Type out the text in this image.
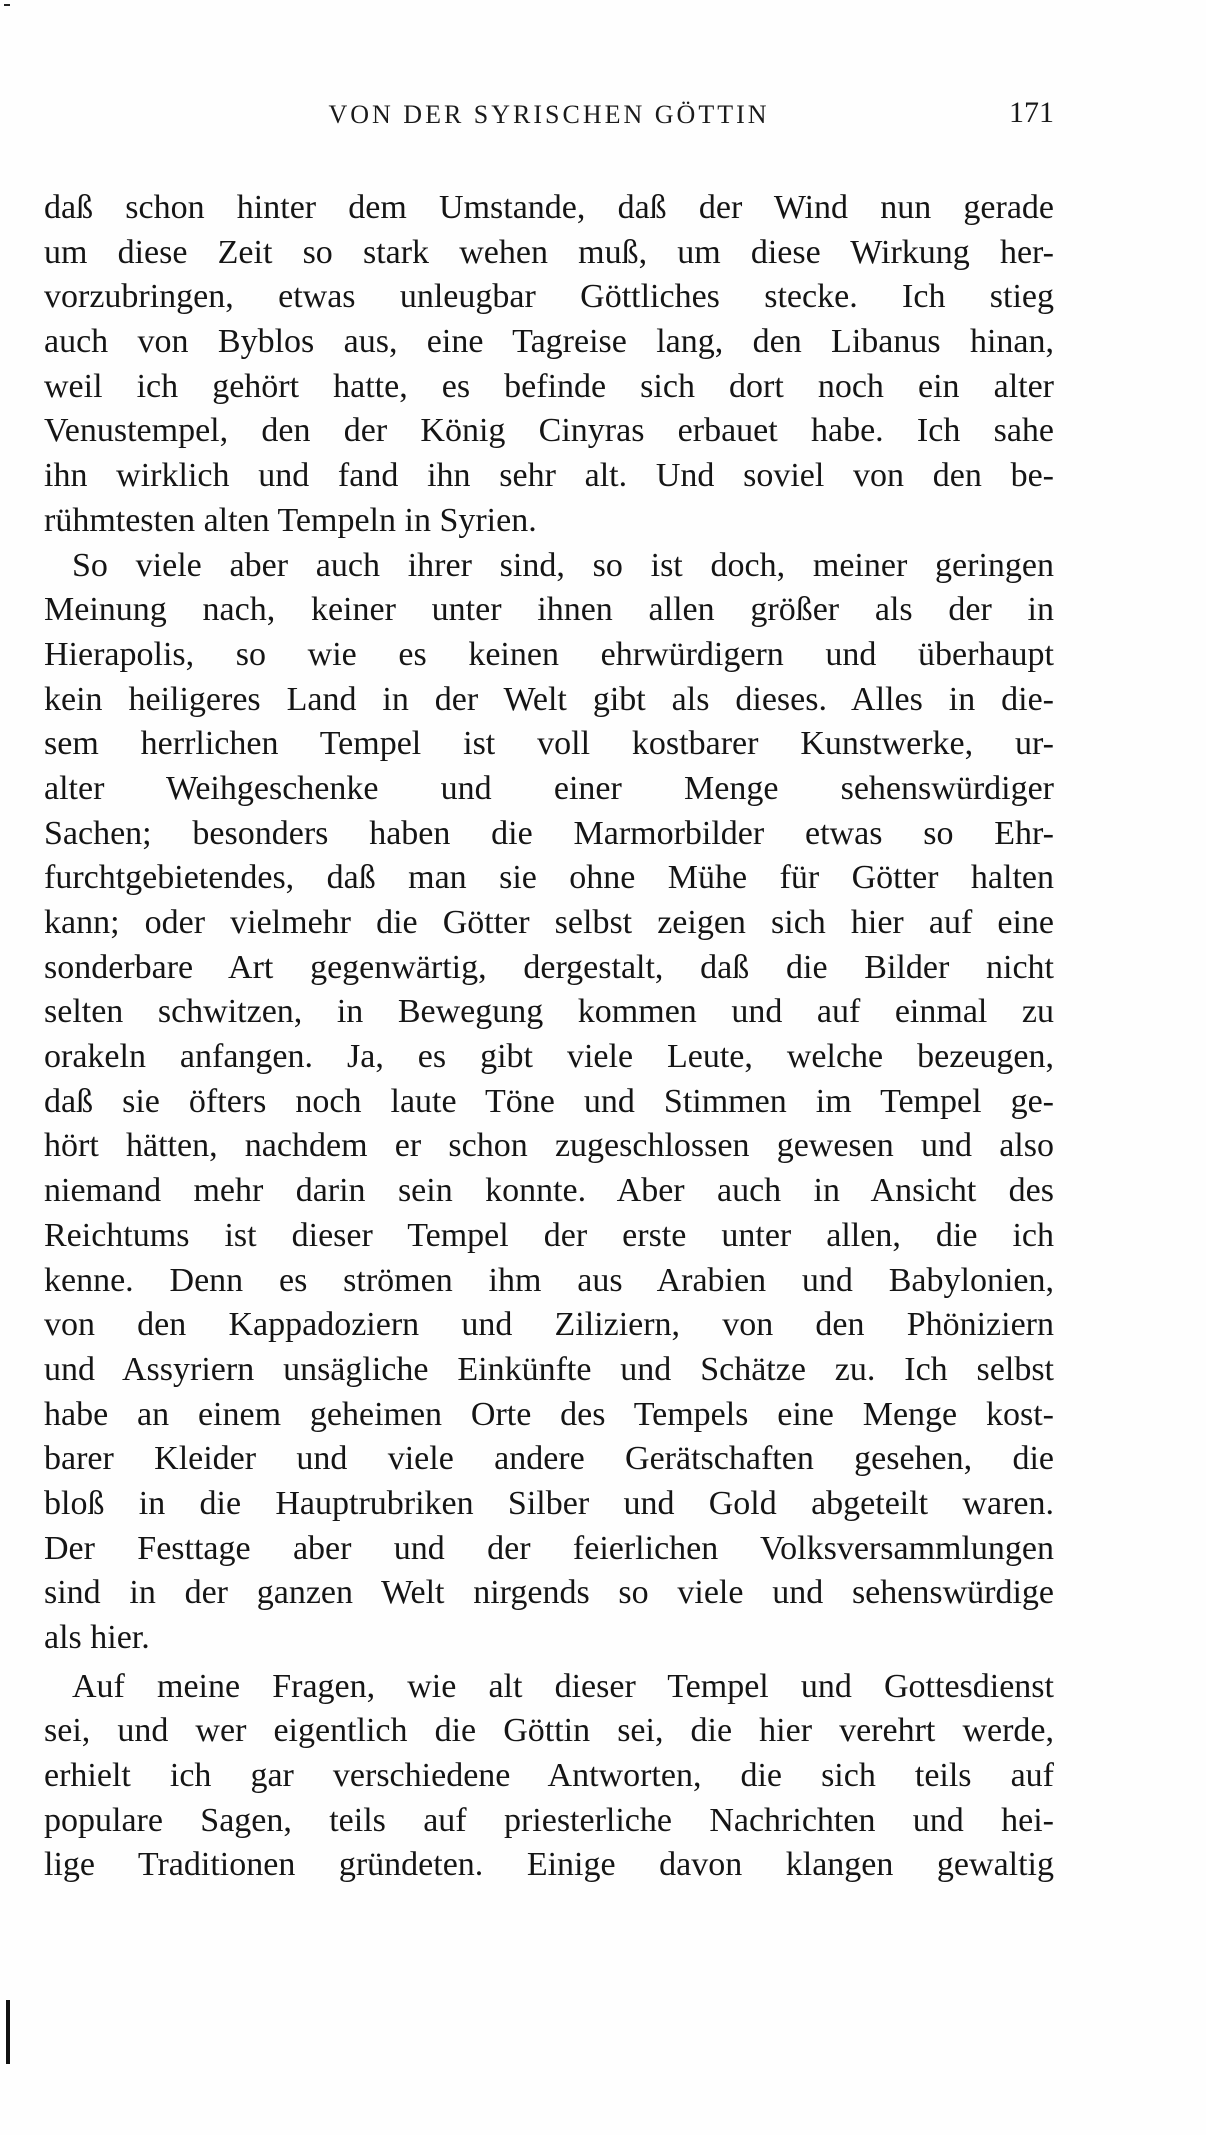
VON DER SYRISCHEN GÖTTIN	171
daß schon hinter dem Umstande, daß der Wind nun gerade
um diese Zeit so stark wehen muß, um diese Wirkung her-
vorzubringen, etwas unleugbar Göttliches stecke. Ich stieg
auch von Byblos aus, eine Tagreise lang, den Libanus hinan,
weil ich gehört hatte, es befinde sich dort noch ein alter
Venustempel, den der König Cinyras erbauet habe. Ich sahe
ihn wirklich und fand ihn sehr alt. Und soviel von den be-
rühmtesten alten Tempeln in Syrien.
So viele aber auch ihrer sind, so ist doch, meiner geringen
Meinung nach, keiner unter ihnen allen größer als der in
Hierapolis, so wie es keinen ehrwürdigern und überhaupt
kein heiligeres Land in der Welt gibt als dieses. Alles in die-
sem herrlichen Tempel ist voll kostbarer Kunstwerke, ur-
alter Weihgeschenke und einer Menge sehenswürdiger
Sachen; besonders haben die Marmorbilder etwas so Ehr-
furchtgebietendes, daß man sie ohne Mühe für Götter halten
kann; oder vielmehr die Götter selbst zeigen sich hier auf eine
sonderbare Art gegenwärtig, dergestalt, daß die Bilder nicht
selten schwitzen, in Bewegung kommen und auf einmal zu
orakeln anfangen. Ja, es gibt viele Leute, welche bezeugen,
daß sie öfters noch laute Töne und Stimmen im Tempel ge-
hört hätten, nachdem er schon zugeschlossen gewesen und also
niemand mehr darin sein konnte. Aber auch in Ansicht des
Reichtums ist dieser Tempel der erste unter allen, die ich
kenne. Denn es strömen ihm aus Arabien und Babylonien,
von den Kappadoziern und Ziliziern, von den Phöniziern
und Assyriern unsägliche Einkünfte und Schätze zu. Ich selbst
habe an einem geheimen Orte des Tempels eine Menge kost-
barer Kleider und viele andere Gerätschaften gesehen, die
bloß in die Hauptrubriken Silber und Gold abgeteilt waren.
Der Festtage aber und der feierlichen Volksversammlungen
sind in der ganzen Welt nirgends so viele und sehenswürdige
als hier.
Auf meine Fragen, wie alt dieser Tempel und Gottesdienst
sei, und wer eigentlich die Göttin sei, die hier verehrt werde,
erhielt ich gar verschiedene Antworten, die sich teils auf
populare Sagen, teils auf priesterliche Nachrichten und hei-
lige Traditionen gründeten. Einige davon klangen gewaltig
